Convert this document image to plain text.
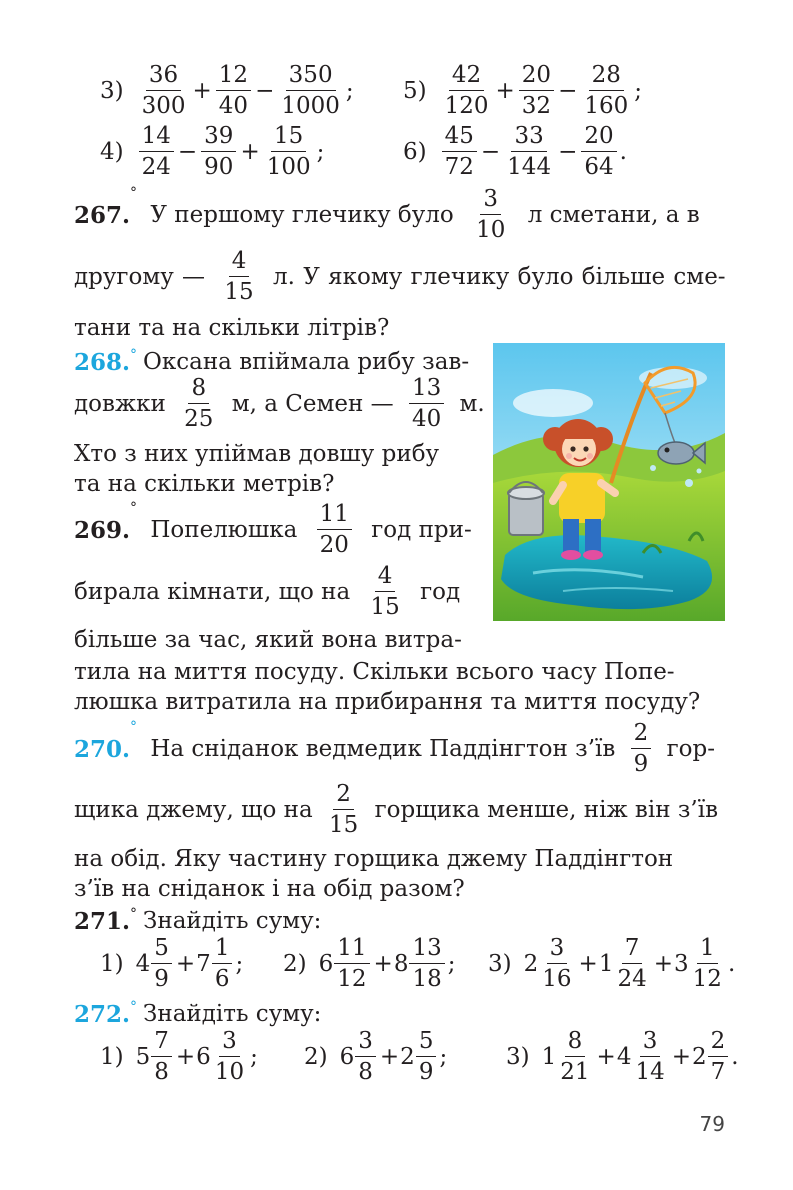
$3) \frac{36}{300} + \frac{12}{40} - \frac{350}{1000}$ ; $5) \frac{42}{120} + \frac{20}{32} - \frac{28}{160}$ ;
$4) \frac{14}{24} - \frac{39}{90} + \frac{15}{100}$ ;	$6) \frac{45}{72} - \frac{33}{144} - \frac{20}{64}$ .
267.° У першому глечику було $\frac{3}{10}$ л сметани, а в
другому — $\frac{4}{15} л$. У якому глечику було більше сме-
тани та на скільки літрів?
268.° Оксана впіймала рибу зав-
довжки $\frac{8}{25} м$, а Семен — $\frac{13}{40} м$.
Хто з них упіймав довшу рибу
та на скільки метрів?
269.° Попелюшка $\frac{11}{20}$ год при-
бирала кімнати, що на $\frac{4}{15}$ год
більше за час, який вона витра-
тила на миття посуду. Скільки всього часу Попе-
люшка витратила на прибирання та миття посуду?
270.° На сніданок ведмедик Паддінгтон з’їв $\frac{2}{9} гор-$
щика джему, що на $\frac{2}{15}$ горщика менше, ніж він з’їв
на обід. Яку частину горщика джему Паддінгтон
з’їв на сніданок і на обід разом?
271.° Знайдіть суму:
1) $4 \frac{5}{9} +7 \frac{1}{6}$ ; 2) $6 \frac{11}{12} +8 \frac{13}{18}$ ; 3) $2 \frac{3}{16} +1 \frac{7}{24} +3 \frac{1}{12}$ .
272.° Знайдіть суму:
1) $5 \frac{7}{8} +6 \frac{3}{10}$ ; 2) $6 \frac{3}{8} +2 \frac{5}{9}$ ;	3) $1 \frac{8}{21} +4 \frac{3}{14} +2 \frac{2}{7}$ .
79
